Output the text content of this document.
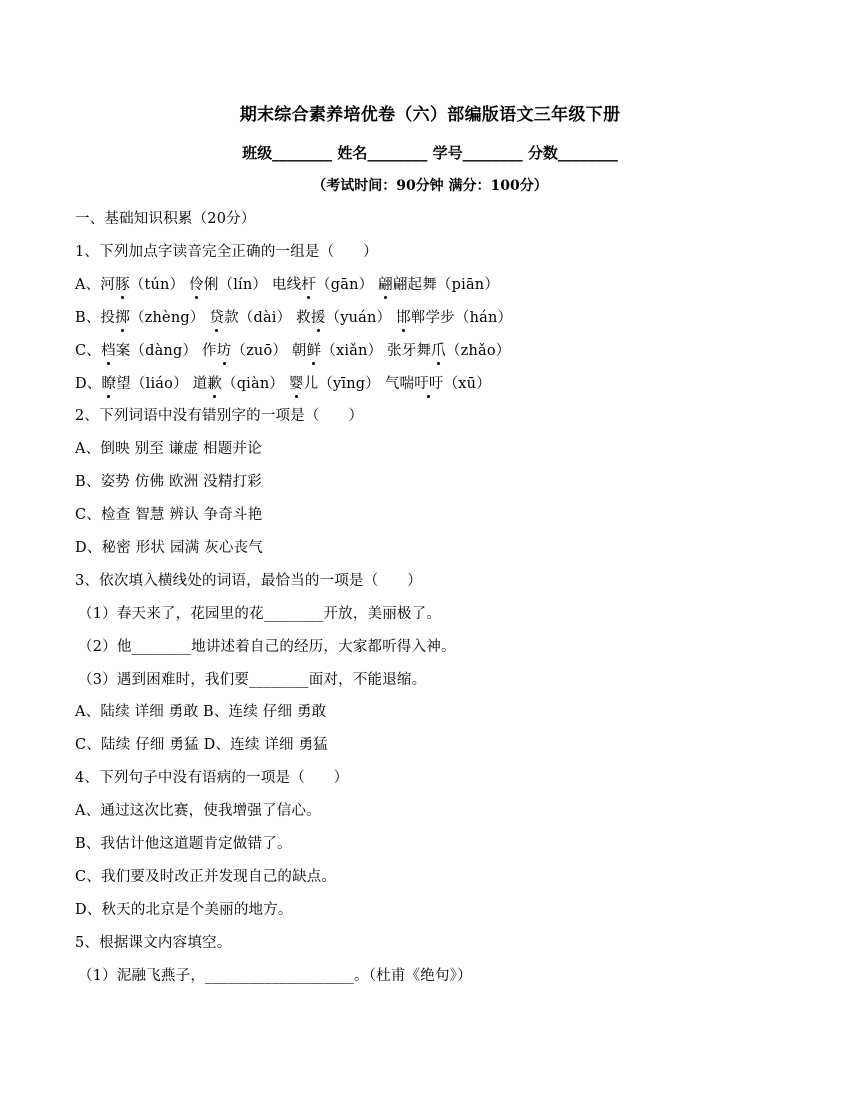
期末综合素养培优卷（六）部编版语文三年级下册
班级________ 姓名________ 学号________ 分数________
（考试时间：90分钟 满分：100分）
一、基础知识积累（20分）
1、下列加点字读音完全正确的一组是（      ）
A、河豚（tún） 伶俐（lín） 电线杆（gān） 翩翩起舞（piān）
B、投掷（zhèng） 贷款（dài） 救援（yuán） 邯郸学步（hán）
C、档案（dàng） 作坊（zuō） 朝鲜（xiǎn） 张牙舞爪（zhǎo）
D、瞭望（liáo） 道歉（qiàn） 婴儿（yīng） 气喘吁吁（xū）
2、下列词语中没有错别字的一项是（      ）
A、倒映 别至 谦虚 相题并论
B、姿势 仿佛 欧洲 没精打彩
C、检查 智慧 辨认 争奇斗艳
D、秘密 形状 园满 灰心丧气
3、依次填入横线处的词语，最恰当的一项是（      ）
（1）春天来了，花园里的花________开放，美丽极了。
（2）他________地讲述着自己的经历，大家都听得入神。
（3）遇到困难时，我们要________面对，不能退缩。
A、陆续 详细 勇敢 B、连续 仔细 勇敢
C、陆续 仔细 勇猛 D、连续 详细 勇猛
4、下列句子中没有语病的一项是（      ）
A、通过这次比赛，使我增强了信心。
B、我估计他这道题肯定做错了。
C、我们要及时改正并发现自己的缺点。
D、秋天的北京是个美丽的地方。
5、根据课文内容填空。
（1）泥融飞燕子，____________________。（杜甫《绝句》）
